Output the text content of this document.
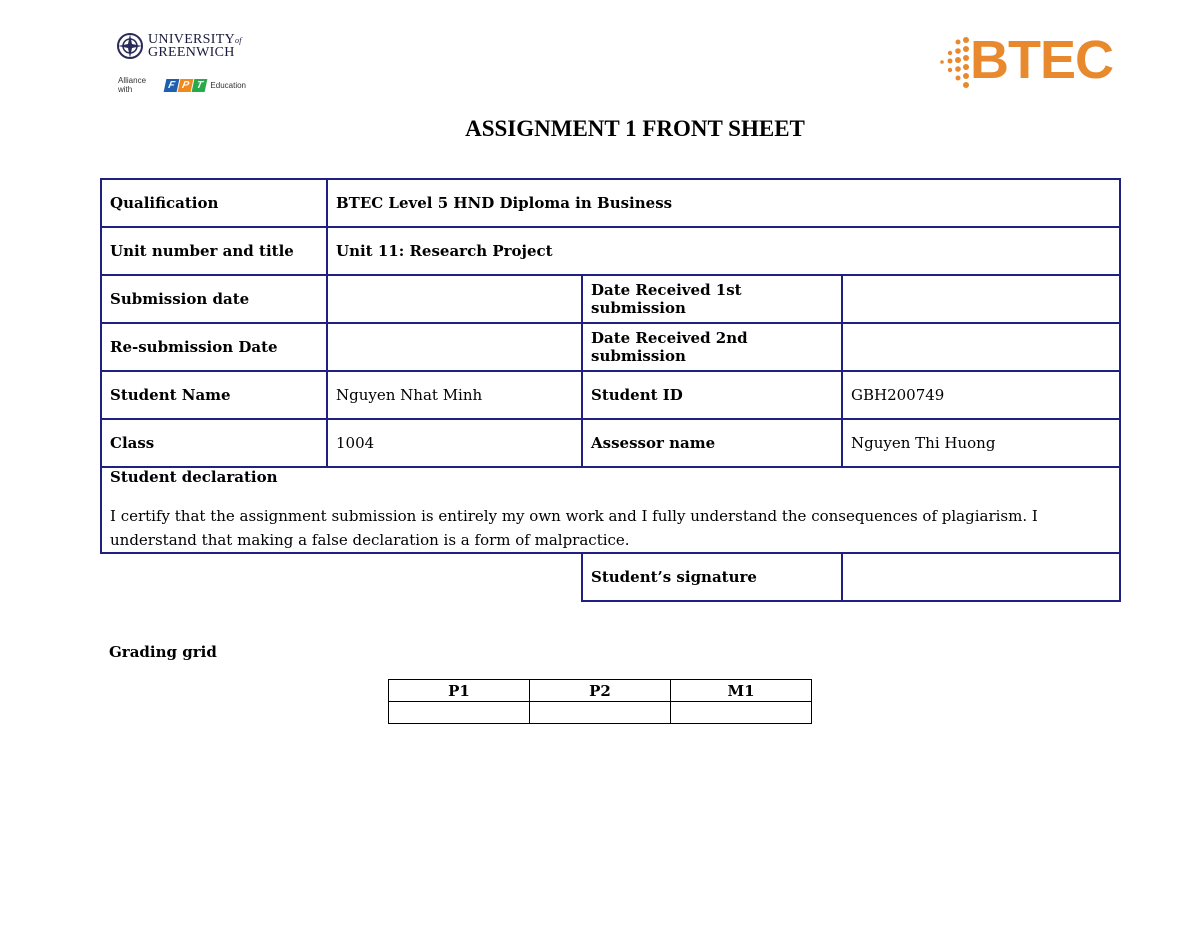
UNIVERSITYof
GREENWICH
Alliance with	F P T Education	BTEC
ASSIGNMENT 1 FRONT SHEET
Qualification	BTEC Level 5 HND Diploma in Business		
Unit number and title	Unit 11: Research Project		
Submission date		Date Received 1st submission	
Re-submission Date		Date Received 2nd submission	
Student Name	Nguyen Nhat Minh	Student ID	GBH200749
Class	1004	Assessor name	Nguyen Thi Huong

Student declaration
I certify that the assignment submission is entirely my own work and I fully understand the consequences of plagiarism. I understand that making a false declaration is a form of malpractice.			

		Student’s signature	
Grading grid
P1	P2	M1
